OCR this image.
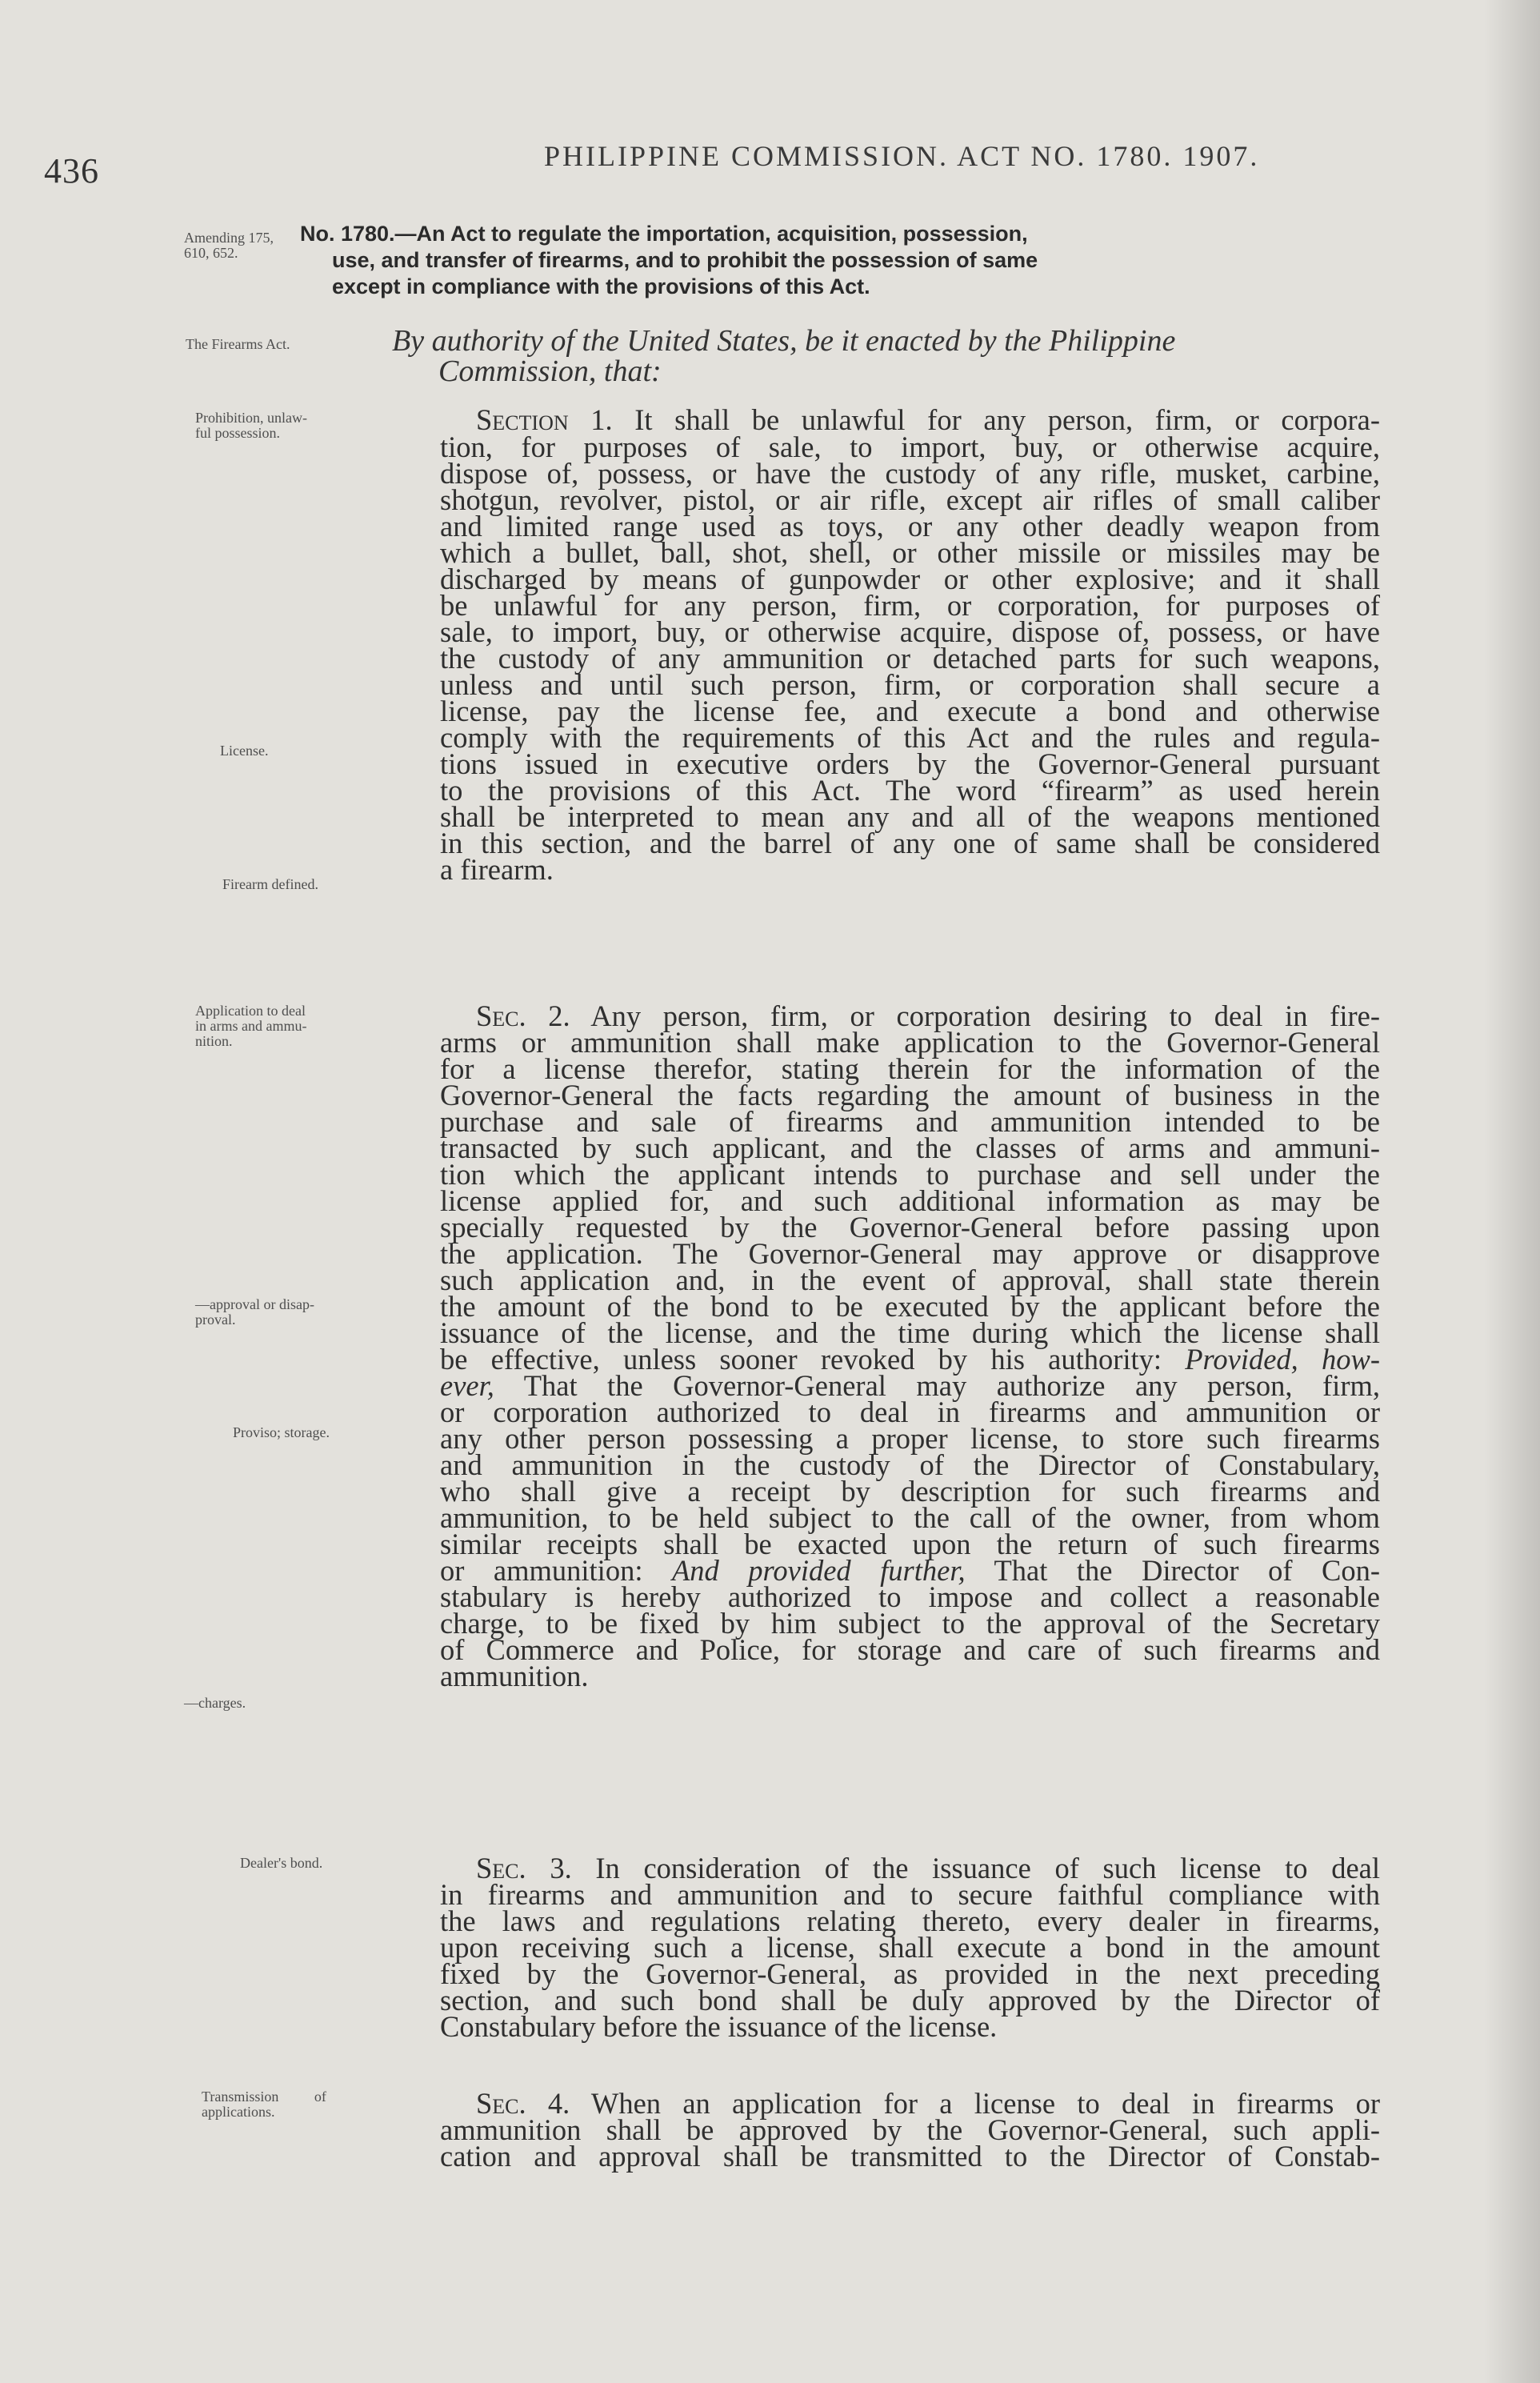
436	PHILIPPINE COMMISSION. ACT NO. 1780. 1907.
Amending 175,
610, 652.
The Firearms Act.
Prohibition, unlaw-
ful possession.
License.
Firearm defined.
Application to deal
in arms and ammu-
nition.
—approval or disap-
proval.
Proviso; storage.
—charges.
Dealer's bond.
Transmission of
applications.
No. 1780.—An Act to regulate the importation, acquisition, possession,
use, and transfer of firearms, and to prohibit the possession of same
except in compliance with the provisions of this Act.
By authority of the United States, be it enacted by the Philippine
Commission, that:
Section 1. It shall be unlawful for any person, firm, or corpora-
tion, for purposes of sale, to import, buy, or otherwise acquire,
dispose of, possess, or have the custody of any rifle, musket, carbine,
shotgun, revolver, pistol, or air rifle, except air rifles of small caliber
and limited range used as toys, or any other deadly weapon from
which a bullet, ball, shot, shell, or other missile or missiles may be
discharged by means of gunpowder or other explosive; and it shall
be unlawful for any person, firm, or corporation, for purposes of
sale, to import, buy, or otherwise acquire, dispose of, possess, or have
the custody of any ammunition or detached parts for such weapons,
unless and until such person, firm, or corporation shall secure a
license, pay the license fee, and execute a bond and otherwise
comply with the requirements of this Act and the rules and regula-
tions issued in executive orders by the Governor-General pursuant
to the provisions of this Act. The word “firearm” as used herein
shall be interpreted to mean any and all of the weapons mentioned
in this section, and the barrel of any one of same shall be considered
a firearm.
Sec. 2. Any person, firm, or corporation desiring to deal in fire-
arms or ammunition shall make application to the Governor-General
for a license therefor, stating therein for the information of the
Governor-General the facts regarding the amount of business in the
purchase and sale of firearms and ammunition intended to be
transacted by such applicant, and the classes of arms and ammuni-
tion which the applicant intends to purchase and sell under the
license applied for, and such additional information as may be
specially requested by the Governor-General before passing upon
the application. The Governor-General may approve or disapprove
such application and, in the event of approval, shall state therein
the amount of the bond to be executed by the applicant before the
issuance of the license, and the time during which the license shall
be effective, unless sooner revoked by his authority: Provided, how-
ever, That the Governor-General may authorize any person, firm,
or corporation authorized to deal in firearms and ammunition or
any other person possessing a proper license, to store such firearms
and ammunition in the custody of the Director of Constabulary,
who shall give a receipt by description for such firearms and
ammunition, to be held subject to the call of the owner, from whom
similar receipts shall be exacted upon the return of such firearms
or ammunition: And provided further, That the Director of Con-
stabulary is hereby authorized to impose and collect a reasonable
charge, to be fixed by him subject to the approval of the Secretary
of Commerce and Police, for storage and care of such firearms and
ammunition.
Sec. 3. In consideration of the issuance of such license to deal
in firearms and ammunition and to secure faithful compliance with
the laws and regulations relating thereto, every dealer in firearms,
upon receiving such a license, shall execute a bond in the amount
fixed by the Governor-General, as provided in the next preceding
section, and such bond shall be duly approved by the Director of
Constabulary before the issuance of the license.
Sec. 4. When an application for a license to deal in firearms or
ammunition shall be approved by the Governor-General, such appli-
cation and approval shall be transmitted to the Director of Constab-
